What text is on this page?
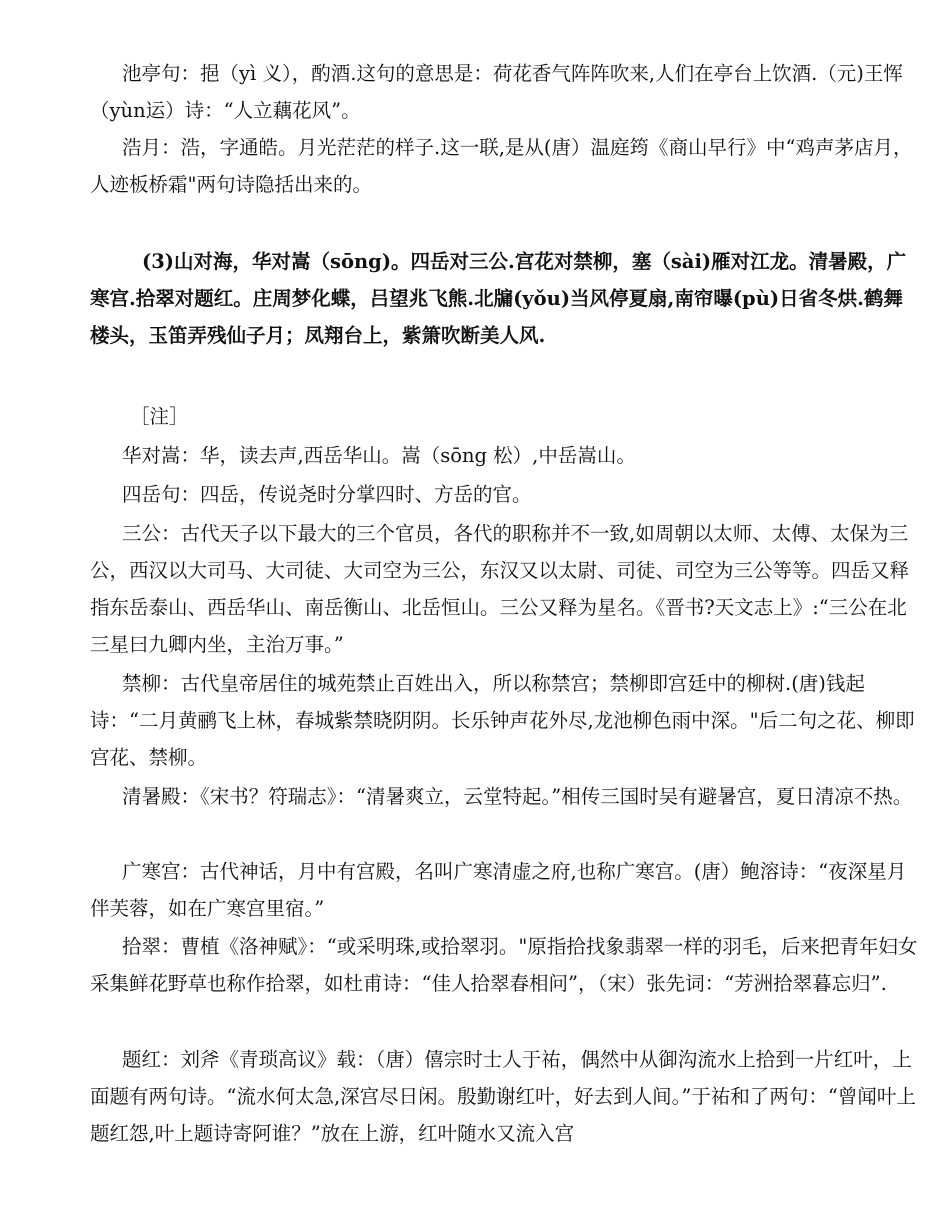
池亭句：挹（yì 义），酌酒.这句的意思是：荷花香气阵阵吹来,人们在亭台上饮酒.（元)王恽（yùn运）诗：“人立藕花风”。

浩月：浩，字通皓。月光茫茫的样子.这一联,是从(唐）温庭筠《商山早行》中“鸡声茅店月，人迹板桥霜"两句诗隐括出来的。

(3)山对海，华对嵩（sōng)。四岳对三公.宫花对禁柳，塞（sài)雁对江龙。清暑殿，广寒宫.拾翠对题红。庄周梦化蝶，吕望兆飞熊.北牖(yǒu)当风停夏扇,南帘曝(pù)日省冬烘.鹤舞楼头，玉笛弄残仙子月；凤翔台上，紫箫吹断美人风.

［注］

华对嵩：华，读去声,西岳华山。嵩（sōng 松）,中岳嵩山。

四岳句：四岳，传说尧时分掌四时、方岳的官。

三公：古代天子以下最大的三个官员，各代的职称并不一致,如周朝以太师、太傅、太保为三公，西汉以大司马、大司徒、大司空为三公，东汉又以太尉、司徒、司空为三公等等。四岳又释指东岳泰山、西岳华山、南岳衡山、北岳恒山。三公又释为星名。《晋书?天文志上》:“三公在北三星曰九卿内坐，主治万事。”

禁柳：古代皇帝居住的城苑禁止百姓出入，所以称禁宫；禁柳即宫廷中的柳树.(唐)钱起诗：“二月黄鹂飞上林，春城紫禁晓阴阴。长乐钟声花外尽,龙池柳色雨中深。"后二句之花、柳即宫花、禁柳。

清暑殿：《宋书？符瑞志》：“清暑爽立，云堂特起。”相传三国时吴有避暑宫，夏日清凉不热。

广寒宫：古代神话，月中有宫殿，名叫广寒清虚之府,也称广寒宫。(唐）鲍溶诗：“夜深星月伴芙蓉，如在广寒宫里宿。”

拾翠：曹植《洛神赋》：“或采明珠,或拾翠羽。"原指拾找象翡翠一样的羽毛，后来把青年妇女采集鲜花野草也称作拾翠，如杜甫诗：“佳人拾翠春相问”，（宋）张先词：“芳洲拾翠暮忘归”.

题红：刘斧《青琐高议》载：（唐）僖宗时士人于祐，偶然中从御沟流水上拾到一片红叶，上面题有两句诗。“流水何太急,深宫尽日闲。殷勤谢红叶，好去到人间。”于祐和了两句：“曾闻叶上题红怨,叶上题诗寄阿谁？”放在上游，红叶随水又流入宫
